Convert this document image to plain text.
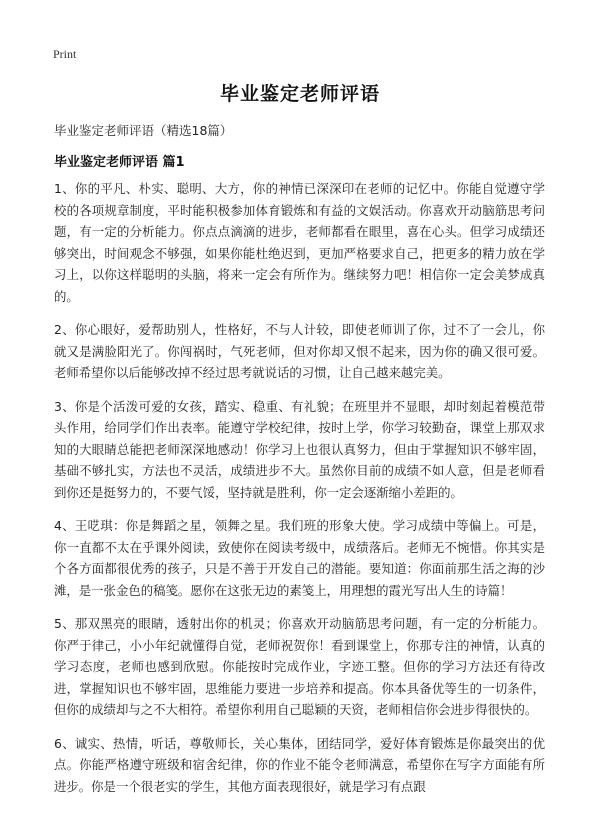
Print
毕业鉴定老师评语
毕业鉴定老师评语（精选18篇）
毕业鉴定老师评语 篇1

1、你的平凡、朴实、聪明、大方，你的神情已深深印在老师的记忆中。你能自觉遵守学校的各项规章制度，平时能积极参加体育锻炼和有益的文娱活动。你喜欢开动脑筋思考问题，有一定的分析能力。你点点滴滴的进步，老师都看在眼里，喜在心头。但学习成绩还够突出，时间观念不够强，如果你能杜绝迟到，更加严格要求自己，把更多的精力放在学习上，以你这样聪明的头脑，将来一定会有所作为。继续努力吧！相信你一定会美梦成真的。

2、你心眼好，爱帮助别人，性格好，不与人计较，即使老师训了你，过不了一会儿，你就又是满脸阳光了。你闯祸时，气死老师，但对你却又恨不起来，因为你的确又很可爱。老师希望你以后能够改掉不经过思考就说话的习惯，让自己越来越完美。

3、你是个活泼可爱的女孩，踏实、稳重、有礼貌；在班里并不显眼，却时刻起着模范带头作用，给同学们作出表率。能遵守学校纪律，按时上学，你学习较勤奋，课堂上那双求知的大眼睛总能把老师深深地感动！你学习上也很认真努力，但由于掌握知识不够牢固，基础不够扎实，方法也不灵活，成绩进步不大。虽然你目前的成绩不如人意，但是老师看到你还是挺努力的，不要气馁，坚持就是胜利，你一定会逐渐缩小差距的。

4、王呓琪：你是舞蹈之星，领舞之星。我们班的形象大使。学习成绩中等偏上。可是，你一直都不太在乎课外阅读，致使你在阅读考级中，成绩落后。老师无不惋惜。你其实是个各方面都很优秀的孩子，只是不善于开发自己的潜能。要知道：你面前那生活之海的沙滩，是一张金色的稿笺。愿你在这张无边的素笺上，用理想的霞光写出人生的诗篇！

5、那双黑亮的眼睛，透射出你的机灵；你喜欢开动脑筋思考问题，有一定的分析能力。你严于律己，小小年纪就懂得自觉，老师祝贺你！看到课堂上，你那专注的神情，认真的学习态度，老师也感到欣慰。你能按时完成作业，字迹工整。但你的学习方法还有待改进，掌握知识也不够牢固，思维能力要进一步培养和提高。你本具备优等生的一切条件，但你的成绩却与之不大相符。希望你利用自己聪颖的天资，老师相信你会进步得很快的。

6、诚实、热情，听话，尊敬师长，关心集体，团结同学，爱好体育锻炼是你最突出的优点。你能严格遵守班级和宿舍纪律，你的作业不能令老师满意，希望你在写字方面能有所进步。你是一个很老实的学生，其他方面表现很好，就是学习有点跟
